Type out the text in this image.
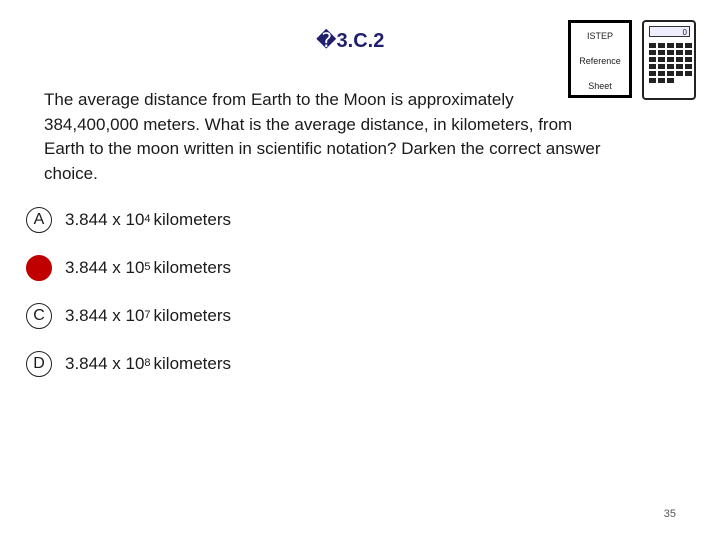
�3.C.2	ISTEP
Reference
Sheet
0
The average distance from Earth to the Moon is approximately 384,400,000 meters. What is the average distance, in kilometers, from Earth to the moon written in scientific notation? Darken the correct answer choice.
A	3.844 x $10^4$ kilometers
3.844 x $10^5$ kilometers
C	3.844 x $10^7$ kilometers
D	3.844 x $10^8$ kilometers
35
